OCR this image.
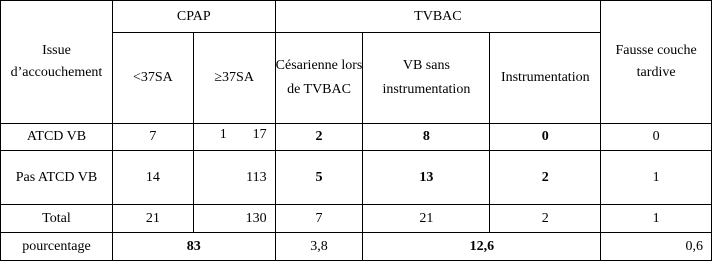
Issue d’accouchement	CPAP		TVBAC			Fausse couche tardive
	<37SA	≥37SA	Césarienne lors de TVBAC	VB sans instrumentation	Instrumentation	
ATCD VB	7	1 17	2	8	0	0
Pas ATCD VB	14	113	5	13	2	1
Total	21	130	7	21	2	1
pourcentage	83		3,8	12,6		0,6
